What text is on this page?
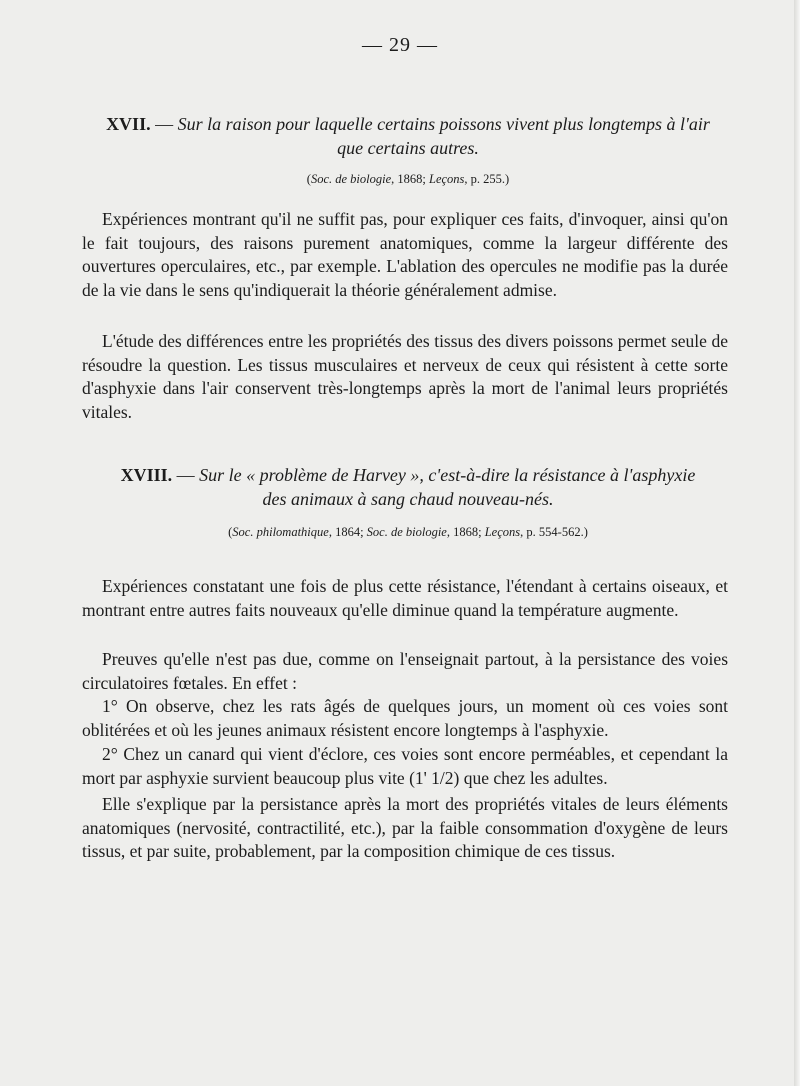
— 29 —
XVII. — Sur la raison pour laquelle certains poissons vivent plus longtemps à l'air
que certains autres.
(Soc. de biologie, 1868; Leçons, p. 255.)

Expériences montrant qu'il ne suffit pas, pour expliquer ces faits, d'invoquer, ainsi qu'on le fait toujours, des raisons purement anatomiques, comme la largeur différente des ouvertures operculaires, etc., par exemple. L'ablation des opercules ne modifie pas la durée de la vie dans le sens qu'indiquerait la théorie généralement admise.

L'étude des différences entre les propriétés des tissus des divers poissons permet seule de résoudre la question. Les tissus musculaires et nerveux de ceux qui résistent à cette sorte d'asphyxie dans l'air conservent très-longtemps après la mort de l'animal leurs propriétés vitales.

XVIII. — Sur le « problème de Harvey », c'est-à-dire la résistance à l'asphyxie
des animaux à sang chaud nouveau-nés.
(Soc. philomathique, 1864; Soc. de biologie, 1868; Leçons, p. 554-562.)

Expériences constatant une fois de plus cette résistance, l'étendant à certains oiseaux, et montrant entre autres faits nouveaux qu'elle diminue quand la température augmente.

Preuves qu'elle n'est pas due, comme on l'enseignait partout, à la persistance des voies circulatoires fœtales. En effet :

1° On observe, chez les rats âgés de quelques jours, un moment où ces voies sont oblitérées et où les jeunes animaux résistent encore longtemps à l'asphyxie.

2° Chez un canard qui vient d'éclore, ces voies sont encore perméables, et cependant la mort par asphyxie survient beaucoup plus vite (1' 1/2) que chez les adultes.

Elle s'explique par la persistance après la mort des propriétés vitales de leurs éléments anatomiques (nervosité, contractilité, etc.), par la faible consommation d'oxygène de leurs tissus, et par suite, probablement, par la composition chimique de ces tissus.
